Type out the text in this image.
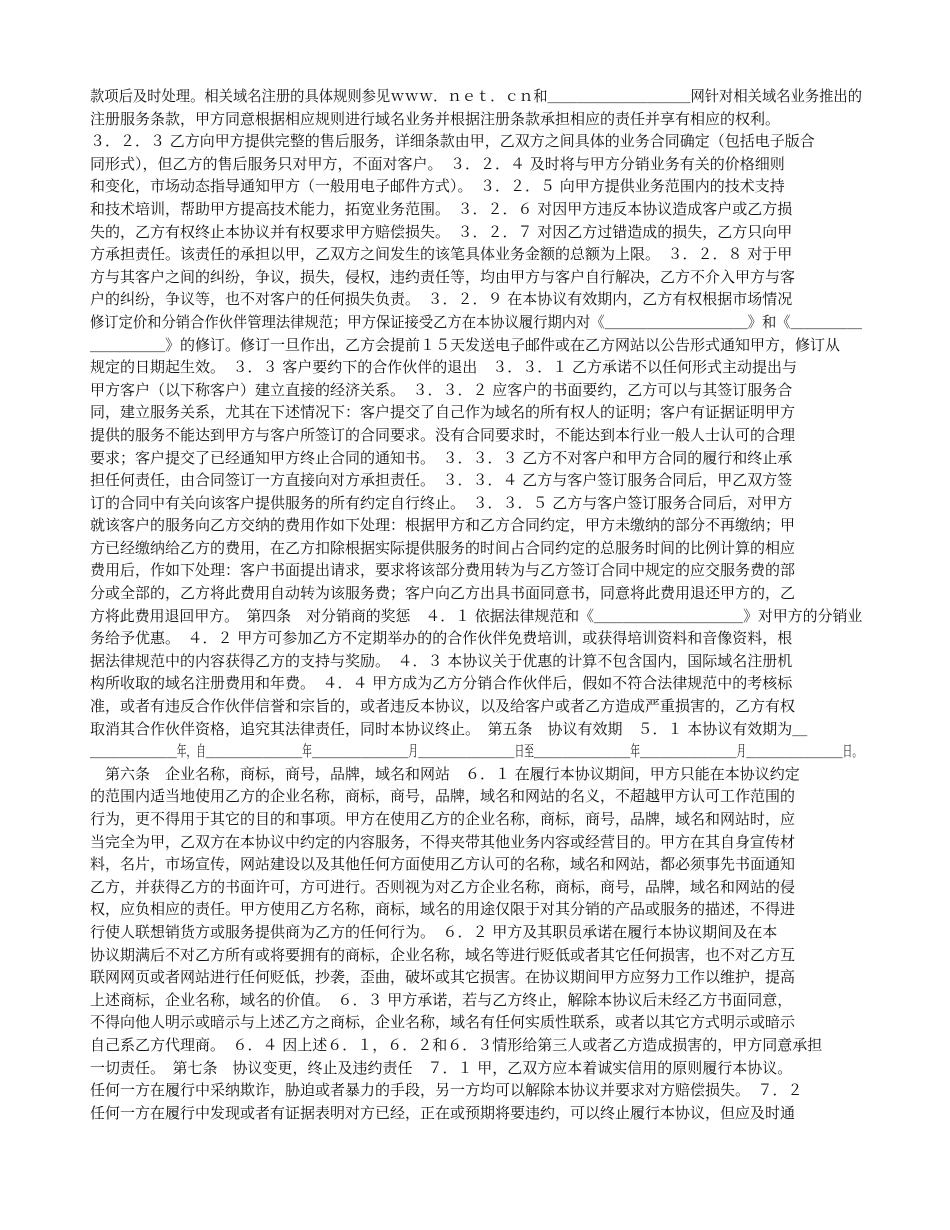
款项后及时处理。相关域名注册的具体规则参见ｗｗｗ．ｎｅｔ．ｃｎ和＿＿＿＿＿＿＿＿＿＿网针对相关域名业务推出的
注册服务条款，甲方同意根据相应规则进行域名业务并根据注册条款承担相应的责任并享有相应的权利。
３．２．３ 乙方向甲方提供完整的售后服务，详细条款由甲，乙双方之间具体的业务合同确定（包括电子版合
同形式），但乙方的售后服务只对甲方，不面对客户。　３．２．４ 及时将与甲方分销业务有关的价格细则
和变化，市场动态指导通知甲方（一般用电子邮件方式）。　３．２．５ 向甲方提供业务范围内的技术支持
和技术培训，帮助甲方提高技术能力，拓宽业务范围。　３．２．６ 对因甲方违反本协议造成客户或乙方损
失的，乙方有权终止本协议并有权要求甲方赔偿损失。　３．２．７ 对因乙方过错造成的损失，乙方只向甲
方承担责任。该责任的承担以甲，乙双方之间发生的该笔具体业务金额的总额为上限。　３．２．８ 对于甲
方与其客户之间的纠纷，争议，损失，侵权，违约责任等，均由甲方与客户自行解决，乙方不介入甲方与客
户的纠纷，争议等，也不对客户的任何损失负责。　３．２．９ 在本协议有效期内，乙方有权根据市场情况
修订定价和分销合作伙伴管理法律规范；甲方保证接受乙方在本协议履行期内对《＿＿＿＿＿＿＿＿＿＿》和《＿＿＿＿＿
＿＿＿＿＿》的修订。修订一旦作出，乙方会提前１５天发送电子邮件或在乙方网站以公告形式通知甲方，修订从
规定的日期起生效。　３．３ 客户要约下的合作伙伴的退出　３．３．１ 乙方承诺不以任何形式主动提出与
甲方客户（以下称客户）建立直接的经济关系。　３．３．２ 应客户的书面要约，乙方可以与其签订服务合
同，建立服务关系，尤其在下述情况下：客户提交了自己作为域名的所有权人的证明；客户有证据证明甲方
提供的服务不能达到甲方与客户所签订的合同要求。没有合同要求时，不能达到本行业一般人士认可的合理
要求；客户提交了已经通知甲方终止合同的通知书。　３．３．３ 乙方不对客户和甲方合同的履行和终止承
担任何责任，由合同签订一方直接向对方承担责任。　３．３．４ 乙方与客户签订服务合同后，甲乙双方签
订的合同中有关向该客户提供服务的所有约定自行终止。　３．３．５ 乙方与客户签订服务合同后，对甲方
就该客户的服务向乙方交纳的费用作如下处理：根据甲方和乙方合同约定，甲方未缴纳的部分不再缴纳；甲
方已经缴纳给乙方的费用，在乙方扣除根据实际提供服务的时间占合同约定的总服务时间的比例计算的相应
费用后，作如下处理：客户书面提出请求，要求将该部分费用转为与乙方签订合同中规定的应交服务费的部
分或全部的，乙方将此费用自动转为该服务费；客户向乙方出具书面同意书，同意将此费用退还甲方的，乙
方将此费用退回甲方。　第四条　对分销商的奖惩　４．１ 依据法律规范和《＿＿＿＿＿＿＿＿＿＿》对甲方的分销业
务给予优惠。　４．２ 甲方可参加乙方不定期举办的的合作伙伴免费培训，或获得培训资料和音像资料，根
据法律规范中的内容获得乙方的支持与奖励。　４．３ 本协议关于优惠的计算不包含国内，国际域名注册机
构所收取的域名注册费用和年费。　４．４ 甲方成为乙方分销合作伙伴后，假如不符合法律规范中的考核标
准，或者有违反合作伙伴信誉和宗旨的，或者违反本协议，以及给客户或者乙方造成严重损害的，乙方有权
取消其合作伙伴资格，追究其法律责任，同时本协议终止。　第五条　协议有效期　５．１ 本协议有效期为＿
＿＿＿＿＿＿＿＿＿年，自＿＿＿＿＿＿＿＿＿＿年＿＿＿＿＿＿＿＿＿＿月＿＿＿＿＿＿＿＿＿＿日至＿＿＿＿＿＿＿＿＿＿年＿＿＿＿＿＿＿＿＿＿月＿＿＿＿＿＿＿＿＿＿日。
　第六条　企业名称，商标，商号，品牌，域名和网站　６．１ 在履行本协议期间，甲方只能在本协议约定
的范围内适当地使用乙方的企业名称，商标，商号，品牌，域名和网站的名义，不超越甲方认可工作范围的
行为，更不得用于其它的目的和事项。甲方在使用乙方的企业名称，商标，商号，品牌，域名和网站时，应
当完全为甲，乙双方在本协议中约定的内容服务，不得夹带其他业务内容或经营目的。甲方在其自身宣传材
料，名片，市场宣传，网站建设以及其他任何方面使用乙方认可的名称，域名和网站，都必须事先书面通知
乙方，并获得乙方的书面许可，方可进行。否则视为对乙方企业名称，商标，商号，品牌，域名和网站的侵
权，应负相应的责任。甲方使用乙方名称，商标，域名的用途仅限于对其分销的产品或服务的描述，不得进
行使人联想销货方或服务提供商为乙方的任何行为。　６．２ 甲方及其职员承诺在履行本协议期间及在本
协议期满后不对乙方所有或将要拥有的商标，企业名称，域名等进行贬低或者其它任何损害，也不对乙方互
联网网页或者网站进行任何贬低，抄袭，歪曲，破坏或其它损害。在协议期间甲方应努力工作以维护，提高
上述商标，企业名称，域名的价值。　６．３ 甲方承诺，若与乙方终止，解除本协议后未经乙方书面同意，
不得向他人明示或暗示与上述乙方之商标，企业名称，域名有任何实质性联系，或者以其它方式明示或暗示
自己系乙方代理商。　６．４ 因上述６．１，６．２和６．３情形给第三人或者乙方造成损害的，甲方同意承担
一切责任。　第七条　协议变更，终止及违约责任　７．１ 甲，乙双方应本着诚实信用的原则履行本协议。
任何一方在履行中采纳欺诈，胁迫或者暴力的手段，另一方均可以解除本协议并要求对方赔偿损失。　７．２
任何一方在履行中发现或者有证据表明对方已经，正在或预期将要违约，可以终止履行本协议，但应及时通
